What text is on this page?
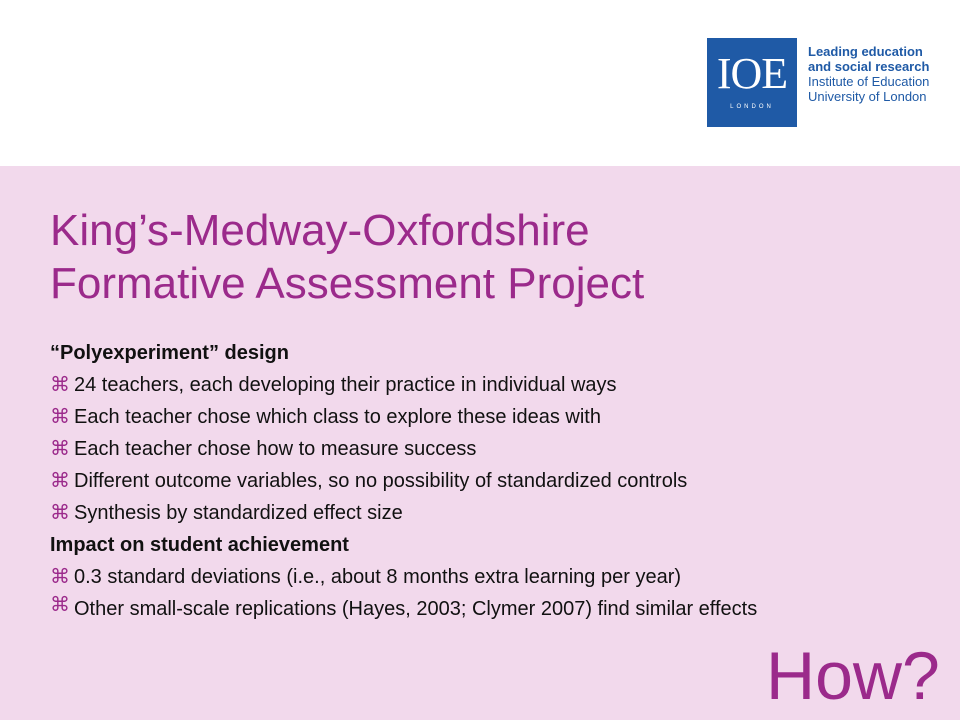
IOE
LONDON
Leading education
and social research
Institute of Education
University of London
King’s-Medway-Oxfordshire
Formative Assessment Project
“Polyexperiment” design
⌘ 24 teachers, each developing their practice in individual ways
⌘ Each teacher chose which class to explore these ideas with
⌘ Each teacher chose how to measure success
⌘ Different outcome variables, so no possibility of standardized controls
⌘ Synthesis by standardized effect size
Impact on student achievement
⌘ 0.3 standard deviations (i.e., about 8 months extra learning per year)
⌘ Other small-scale replications (Hayes, 2003; Clymer 2007) find similar effects
How?
